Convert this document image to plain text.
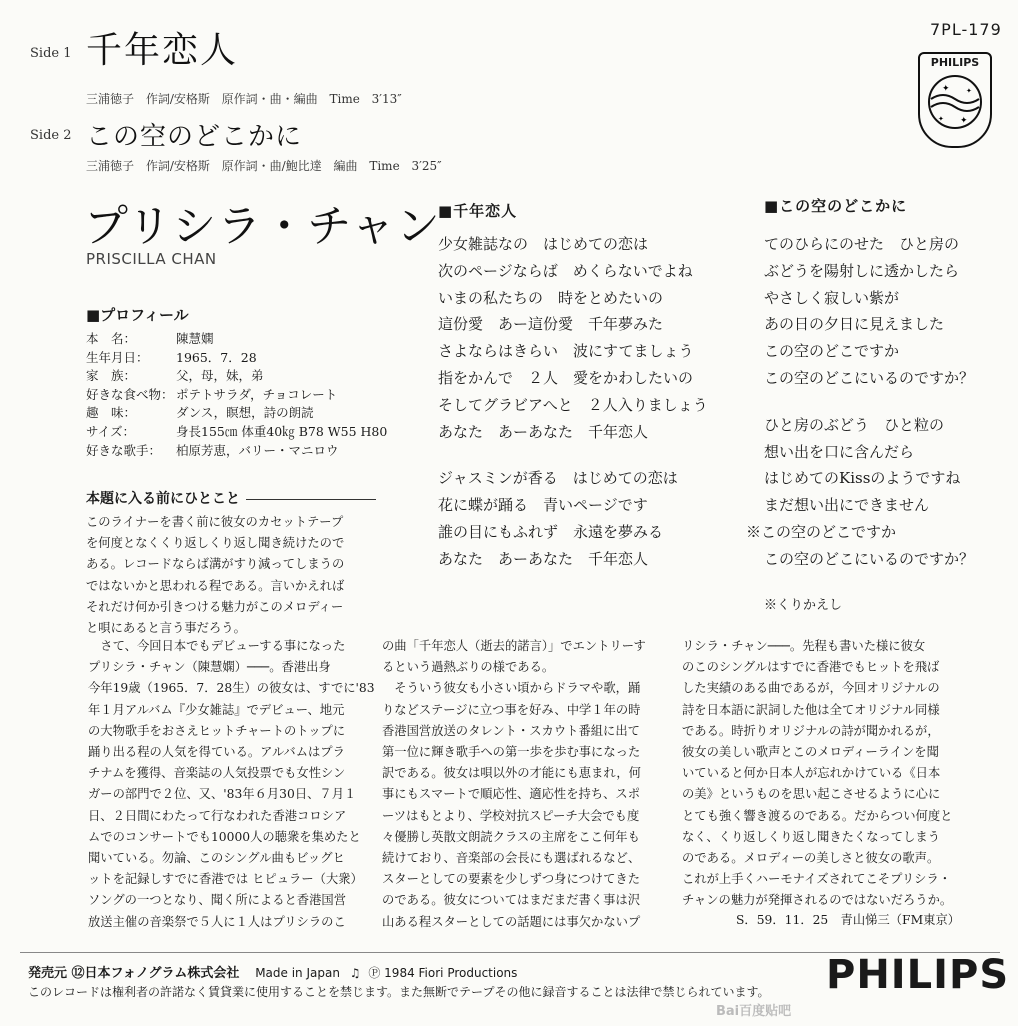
Side 1 千年恋人
三浦徳子 作詞/安格斯 原作詞・曲・編曲 Time 3′13″
Side 2 この空のどこかに
三浦徳子 作詞/安格斯 原作詞・曲/鮑比達 編曲 Time 3′25″
7PL-179
PHILIPS
✦
✦
✦
✦
プリシラ・チャン
PRISCILLA CHAN
■プロフィール
本　名：	陳慧嫻
生年月日： 1965．7．28
家　族：	父，母，妹，弟
好きな食べ物： ポテトサラダ，チョコレート
趣　味：	ダンス，瞑想，詩の朗読
サイズ：	身長155㎝ 体重40㎏ B78 W55 H80
好きな歌手： 柏原芳恵，バリー・マニロウ
本題に入る前にひとこと
このライナーを書く前に彼女のカセットテープ
を何度となくくり返しくり返し聞き続けたので
ある。レコードならば溝がすり減ってしまうの
ではないかと思われる程である。言いかえれば
それだけ何か引きつける魅力がこのメロディー
と唄にあると言う事だろう。
■千年恋人
少女雑誌なの　はじめての恋は
次のページならば　めくらないでよね
いまの私たちの　時をとめたいの
這份愛　あー這份愛　千年夢みた
さよならはきらい　波にすてましょう
指をかんで　２人　愛をかわしたいの
そしてグラビアへと　２人入りましょう
あなた　あーあなた　千年恋人
ジャスミンが香る　はじめての恋は
花に蝶が踊る　青いページです
誰の目にもふれず　永遠を夢みる
あなた　あーあなた　千年恋人
■この空のどこかに
てのひらにのせた　ひと房の
ぶどうを陽射しに透かしたら
やさしく寂しい紫が
あの日の夕日に見えました
この空のどこですか
この空のどこにいるのですか？
ひと房のぶどう　ひと粒の
想い出を口に含んだら
はじめてのKissのようですね
まだ想い出にできません
※この空のどこですか
この空のどこにいるのですか？
※くりかえし
　さて、今回日本でもデビューする事になった
プリシラ・チャン（陳慧嫻）───。香港出身
今年19歳（1965．7．28生）の彼女は、すでに'83
年１月アルバム『少女雑誌』でデビュー、地元
の大物歌手をおさえヒットチャートのトップに
踊り出る程の人気を得ている。アルバムはプラ
チナムを獲得、音楽誌の人気投票でも女性シン
ガーの部門で２位、又、'83年６月30日、７月１
日、２日間にわたって行なわれた香港コロシア
ムでのコンサートでも10000人の聴衆を集めたと
聞いている。勿論、このシングル曲もビッグヒ
ットを記録しすでに香港では ヒピュラー（大衆）
ソングの一つとなり、聞く所によると香港国営
放送主催の音楽祭で５人に１人はプリシラのこ
の曲「千年恋人（逝去的諾言）」でエントリーす
るという過熱ぶりの様である。
　そういう彼女も小さい頃からドラマや歌，踊
りなどステージに立つ事を好み、中学１年の時
香港国営放送のタレント・スカウト番組に出て
第一位に輝き歌手への第一歩を歩む事になった
訳である。彼女は唄以外の才能にも恵まれ，何
事にもスマートで順応性、適応性を持ち、スポ
ーツはもとより、学校対抗スピーチ大会でも度
々優勝し英散文朗読クラスの主席をここ何年も
続けており、音楽部の会長にも選ばれるなど、
スターとしての要素を少しずつ身につけてきた
のである。彼女についてはまだまだ書く事は沢
山ある程スターとしての話題には事欠かないプ
リシラ・チャン───。先程も書いた様に彼女
のこのシングルはすでに香港でもヒットを飛ば
した実績のある曲であるが，今回オリジナルの
詩を日本語に訳詞した他は全てオリジナル同様
である。時折りオリジナルの詩が聞かれるが，
彼女の美しい歌声とこのメロディーラインを聞
いていると何か日本人が忘れかけている《日本
の美》というものを思い起こさせるように心に
とても強く響き渡るのである。だからつい何度と
なく、くり返しくり返し聞きたくなってしまう
のである。メロディーの美しさと彼女の歌声。
これが上手くハーモナイズされてこそプリシラ・
チャンの魅力が発揮されるのではないだろうか。
S．59．11．25　青山悌三（FM東京）
発売元 ⑫日本フォノグラム株式会社 Made in Japan ♫ Ⓟ 1984 Fiori Productions
このレコードは権利者の許諾なく賃貸業に使用することを禁じます。また無断でテープその他に録音することは法律で禁じられています。 PHILIPS
Bai百度贴吧
